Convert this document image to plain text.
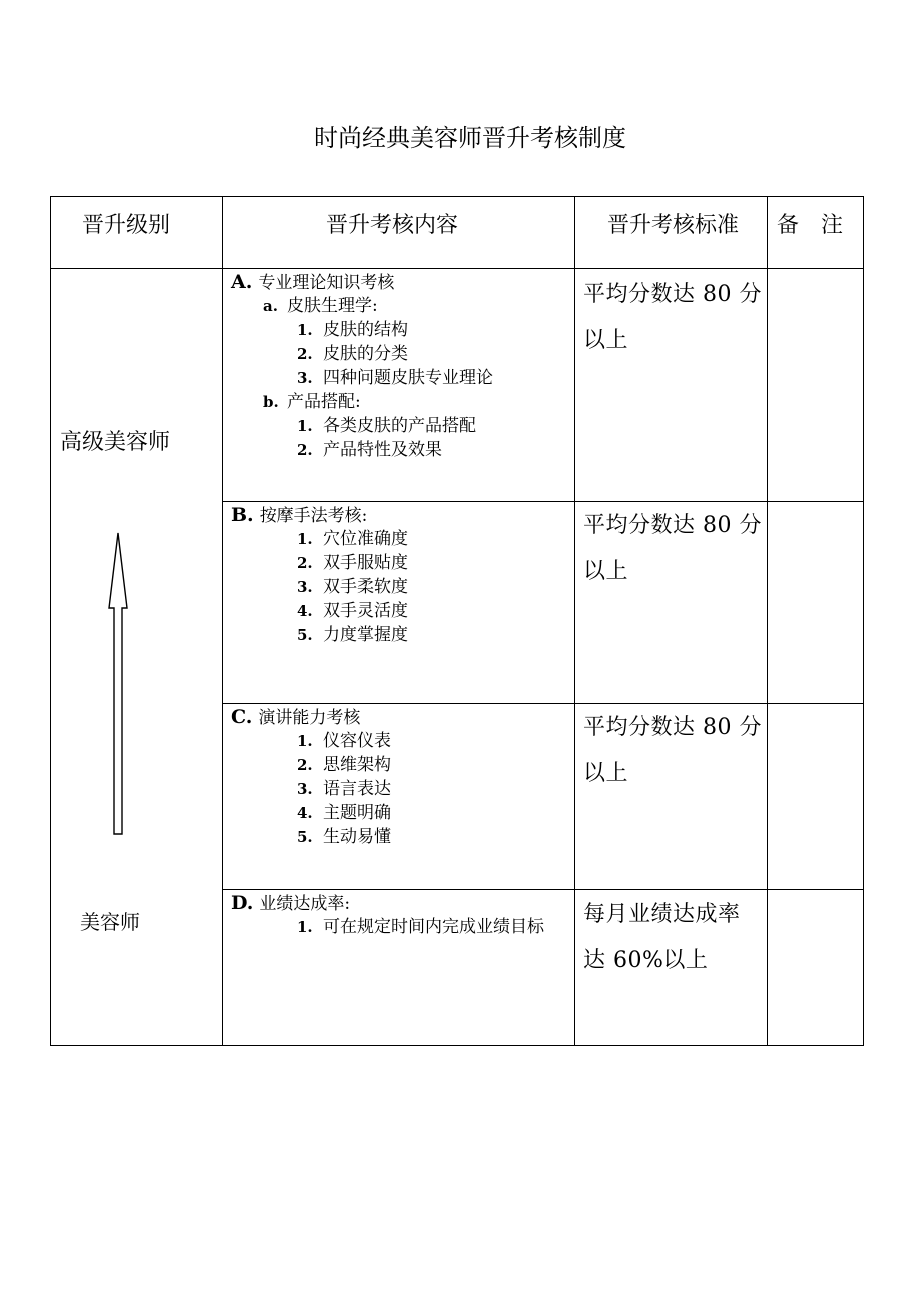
时尚经典美容师晋升考核制度
晋升级别	晋升考核内容	晋升考核标准 备　注
高级美容师
美容师
A. 专业理论知识考核
a. 皮肤生理学:
1. 皮肤的结构
2. 皮肤的分类
3. 四种问题皮肤专业理论
b. 产品搭配:
1. 各类皮肤的产品搭配
2. 产品特性及效果
平均分数达 80 分
以上
B. 按摩手法考核:
1. 穴位准确度
2. 双手服贴度
3. 双手柔软度
4. 双手灵活度
5. 力度掌握度
平均分数达 80 分
以上
C. 演讲能力考核
1. 仪容仪表
2. 思维架构
3. 语言表达
4. 主题明确
5. 生动易懂
平均分数达 80 分
以上
D. 业绩达成率:
1. 可在规定时间内完成业绩目标 每月业绩达成率
达 60%以上
